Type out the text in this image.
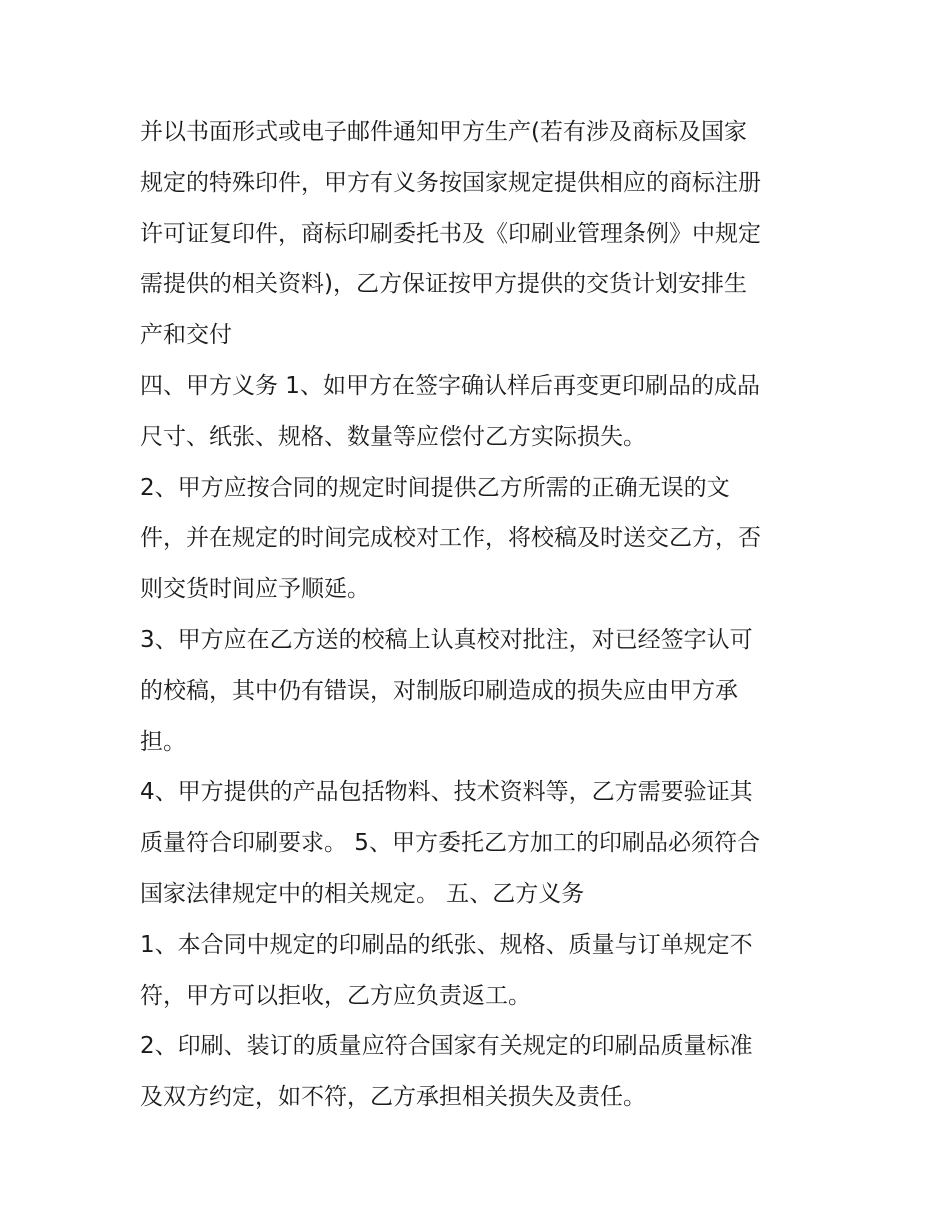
并以书面形式或电子邮件通知甲方生产(若有涉及商标及国家
规定的特殊印件，甲方有义务按国家规定提供相应的商标注册
许可证复印件，商标印刷委托书及《印刷业管理条例》中规定
需提供的相关资料)，乙方保证按甲方提供的交货计划安排生
产和交付
四、甲方义务 1、如甲方在签字确认样后再变更印刷品的成品
尺寸、纸张、规格、数量等应偿付乙方实际损失。
2、甲方应按合同的规定时间提供乙方所需的正确无误的文
件，并在规定的时间完成校对工作，将校稿及时送交乙方，否
则交货时间应予顺延。
3、甲方应在乙方送的校稿上认真校对批注，对已经签字认可
的校稿，其中仍有错误，对制版印刷造成的损失应由甲方承
担。
4、甲方提供的产品包括物料、技术资料等，乙方需要验证其
质量符合印刷要求。 5、甲方委托乙方加工的印刷品必须符合
国家法律规定中的相关规定。 五、乙方义务
1、本合同中规定的印刷品的纸张、规格、质量与订单规定不
符，甲方可以拒收，乙方应负责返工。
2、印刷、装订的质量应符合国家有关规定的印刷品质量标准
及双方约定，如不符，乙方承担相关损失及责任。
